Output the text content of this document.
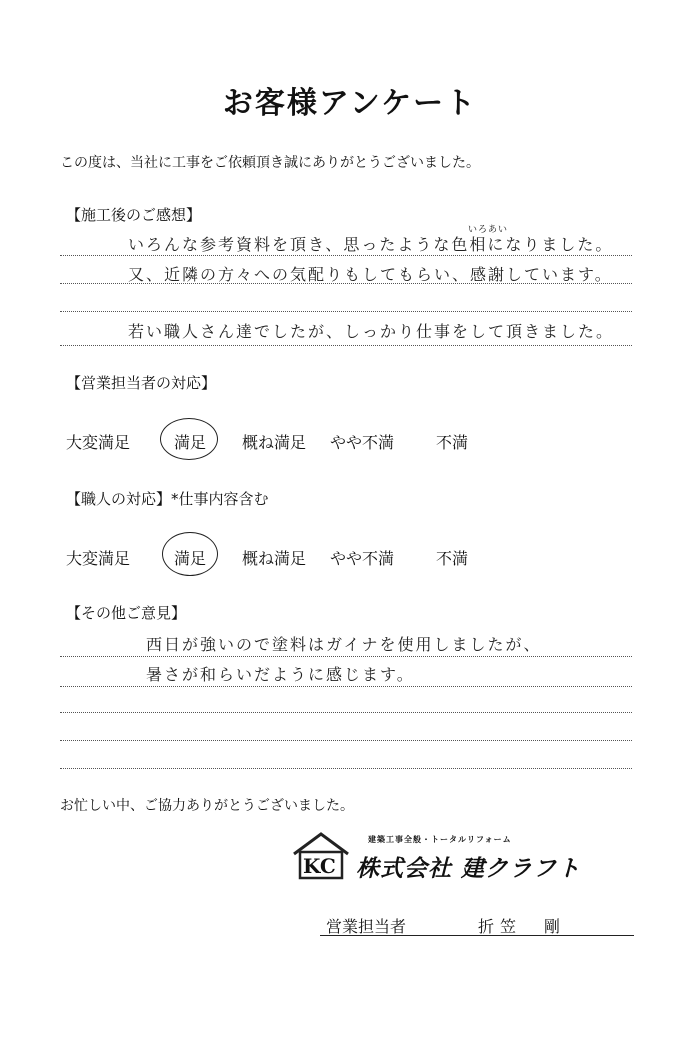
お客様アンケート
この度は、当社に工事をご依頼頂き誠にありがとうございました。
【施工後のご感想】
いろあい
いろんな参考資料を頂き、思ったような色相になりました。
又、近隣の方々への気配りもしてもらい、感謝しています。
若い職人さん達でしたが、しっかり仕事をして頂きました。
【営業担当者の対応】
大変満足	満足 概ね満足 やや不満	不満
【職人の対応】*仕事内容含む
大変満足	満足 概ね満足 やや不満	不満
【その他ご意見】
西日が強いので塗料はガイナを使用しましたが、
暑さが和らいだように感じます。
お忙しい中、ご協力ありがとうございました。
KC
建築工事全般・トータルリフォーム
株式会社 建クラフト
営業担当者	折笠　剛
